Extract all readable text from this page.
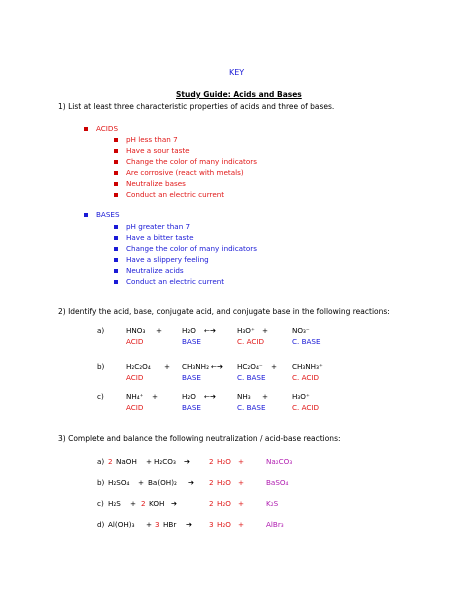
KEY
Study Guide: Acids and Bases
1) List at least three characteristic properties of acids and three of bases.
ACIDS
pH less than 7
Have a sour taste
Change the color of many indicators
Are corrosive (react with metals)
Neutralize bases
Conduct an electric current
BASES
pH greater than 7
Have a bitter taste
Change the color of many indicators
Have a slippery feeling
Neutralize acids
Conduct an electric current
2) Identify the acid, base, conjugate acid, and conjugate base in the following reactions:
a)	HNO₃ +	H₂O ←➔	H₃O⁺ +	NO₃⁻
ACID	BASE	C. ACID	C. BASE
b)	H₂C₂O₄ + CH₃NH₂ ←➔ HC₂O₄⁻ + CH₃NH₃⁺
ACID	BASE	C. BASE	C. ACID
c)	NH₄⁺ +	H₂O ←➔	NH₃ +	H₃O⁺
ACID	BASE	C. BASE	C. ACID
3) Complete and balance the following neutralization / acid-base reactions:
a) 2 NaOH + H₂CO₃ ➔	2 H₂O +	Na₂CO₃
b) H₂SO₄ + Ba(OH)₂ ➔ 2 H₂O +	BaSO₄
c) H₂S + 2 KOH ➔	2 H₂O +	K₂S
d) Al(OH)₃ + 3 HBr ➔ 3 H₂O +	AlBr₃
